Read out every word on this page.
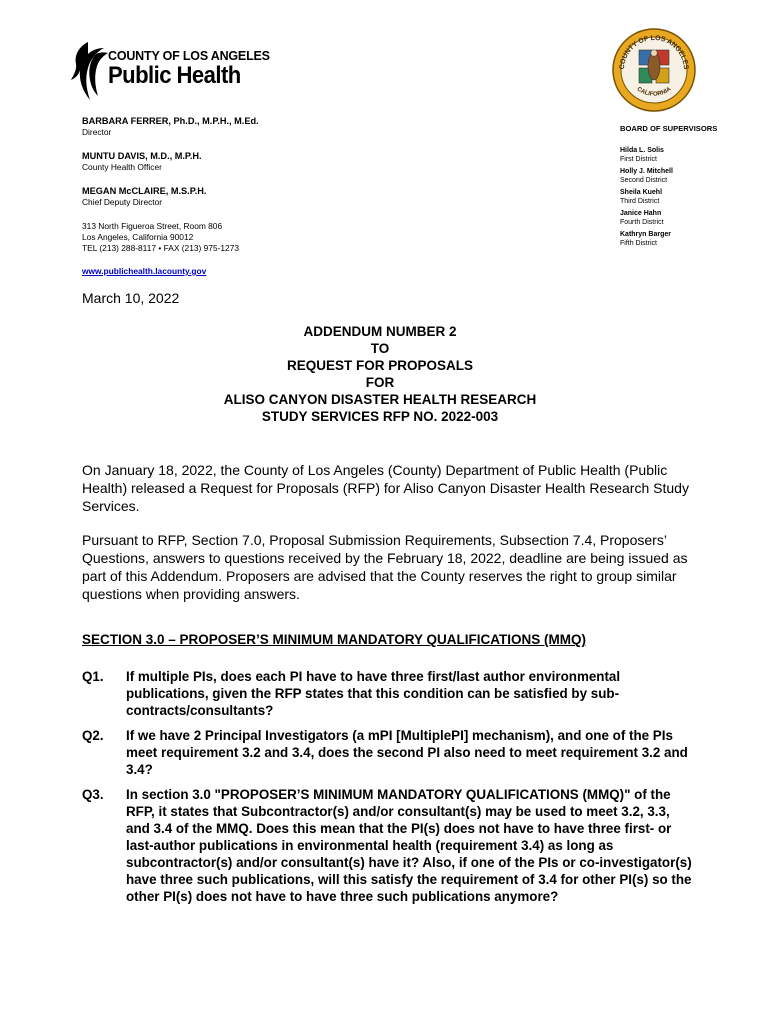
COUNTY OF LOS ANGELES
Public Health
BARBARA FERRER, Ph.D., M.P.H., M.Ed.
Director
MUNTU DAVIS, M.D., M.P.H.
County Health Officer
MEGAN McCLAIRE, M.S.P.H.
Chief Deputy Director
313 North Figueroa Street, Room 806
Los Angeles, California 90012
TEL (213) 288-8117 • FAX (213) 975-1273
www.publichealth.lacounty.gov
COUNTY OF LOS ANGELES
CALIFORNIA
BOARD OF SUPERVISORS
Hilda L. Solis
First District
Holly J. Mitchell
Second District
Sheila Kuehl
Third District
Janice Hahn
Fourth District
Kathryn Barger
Fifth District
March 10, 2022
ADDENDUM NUMBER 2
TO
REQUEST FOR PROPOSALS
FOR
ALISO CANYON DISASTER HEALTH RESEARCH
STUDY SERVICES RFP NO. 2022-003
On January 18, 2022, the County of Los Angeles (County) Department of Public Health (Public Health) released a Request for Proposals (RFP) for Aliso Canyon Disaster Health Research Study Services.
Pursuant to RFP, Section 7.0, Proposal Submission Requirements, Subsection 7.4, Proposers’ Questions, answers to questions received by the February 18, 2022, deadline are being issued as part of this Addendum. Proposers are advised that the County reserves the right to group similar questions when providing answers.
SECTION 3.0 – PROPOSER’S MINIMUM MANDATORY QUALIFICATIONS (MMQ)
Q1. If multiple PIs, does each PI have to have three first/last author environmental publications, given the RFP states that this condition can be satisfied by sub-contracts/consultants?
Q2. If we have 2 Principal Investigators (a mPI [MultiplePI] mechanism), and one of the PIs meet requirement 3.2 and 3.4, does the second PI also need to meet requirement 3.2 and 3.4?
Q3. In section 3.0 "PROPOSER’S MINIMUM MANDATORY QUALIFICATIONS (MMQ)" of the RFP, it states that Subcontractor(s) and/or consultant(s) may be used to meet 3.2, 3.3, and 3.4 of the MMQ. Does this mean that the PI(s) does not have to have three first- or last-author publications in environmental health (requirement 3.4) as long as subcontractor(s) and/or consultant(s) have it? Also, if one of the PIs or co-investigator(s) have three such publications, will this satisfy the requirement of 3.4 for other PI(s) so the other PI(s) does not have to have three such publications anymore?
